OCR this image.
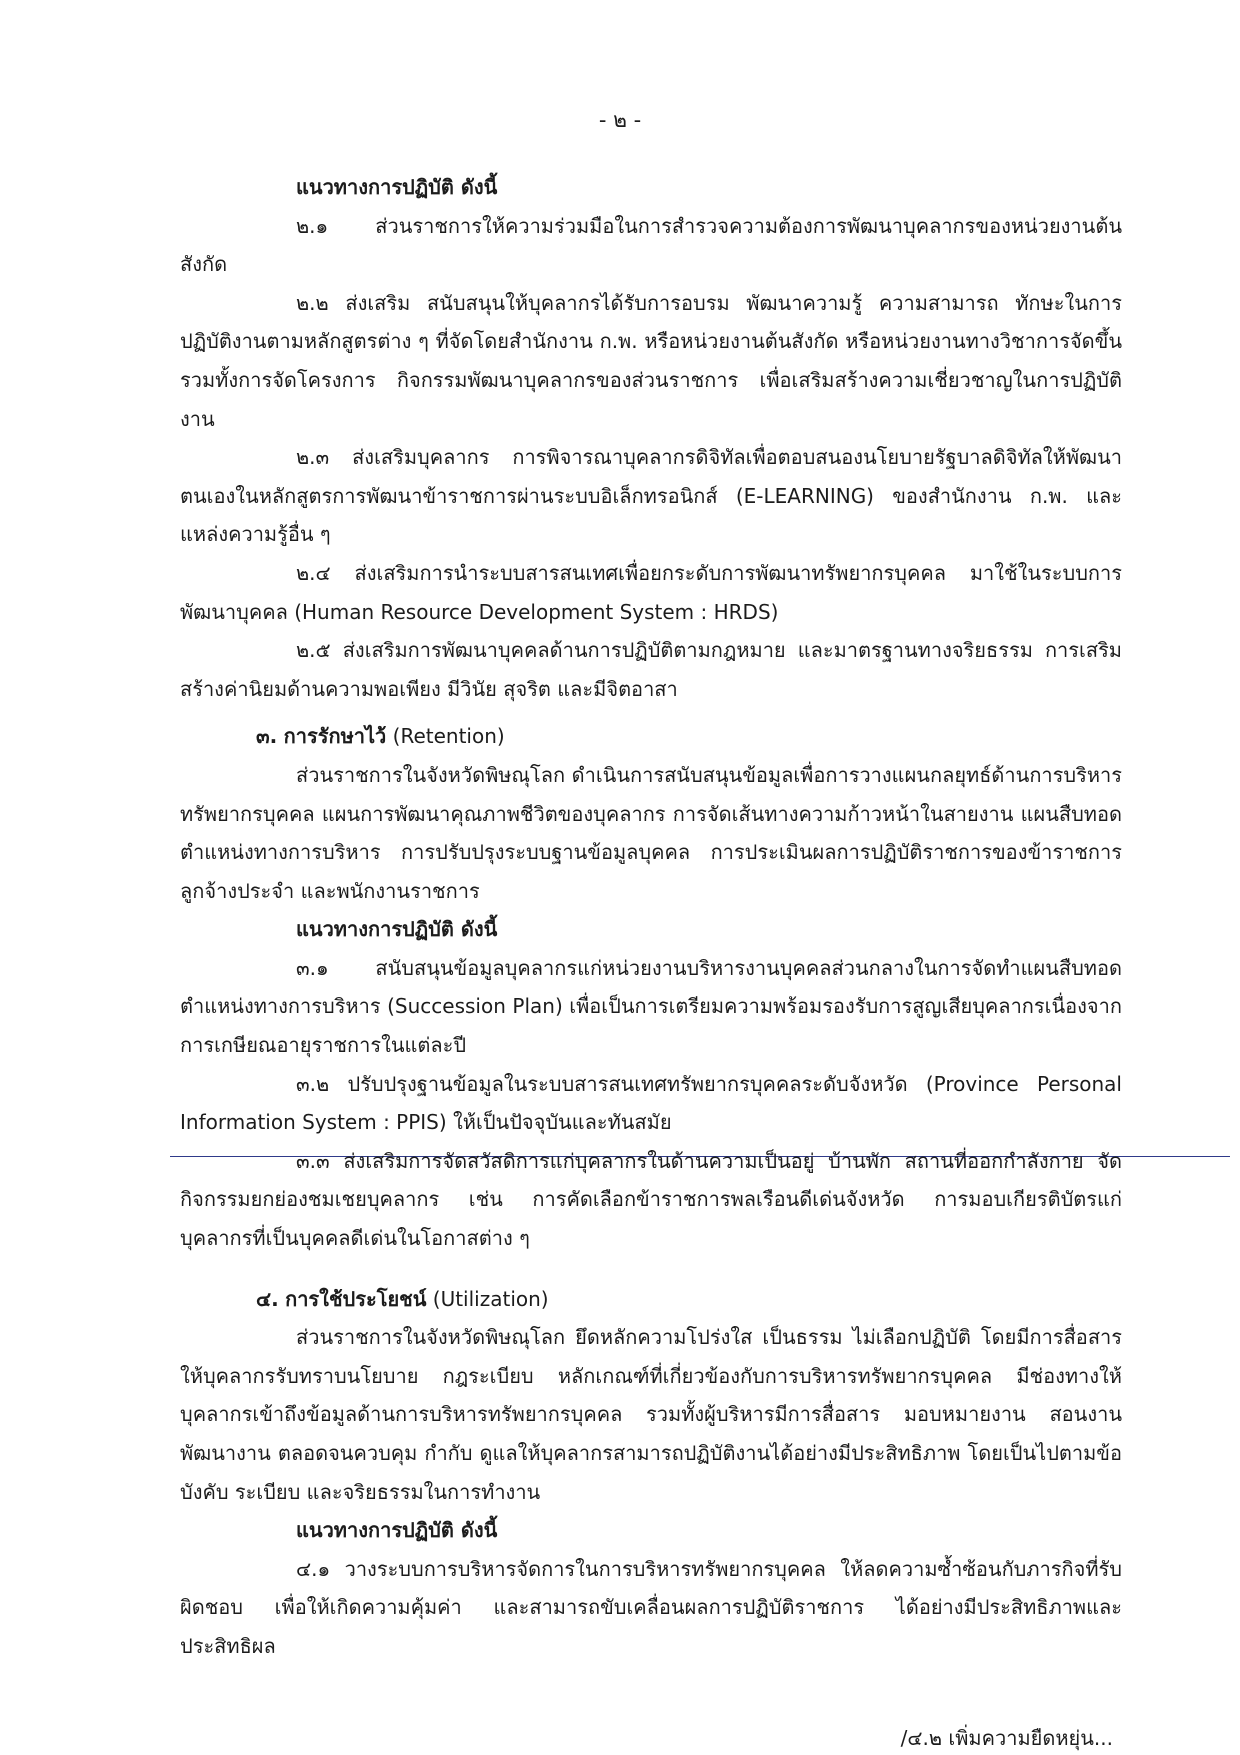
- ๒ -

แนวทางการปฏิบัติ ดังนี้

๒.๑ ส่วนราชการให้ความร่วมมือในการสำรวจความต้องการพัฒนาบุคลากรของหน่วยงานต้นสังกัด

๒.๒ ส่งเสริม สนับสนุนให้บุคลากรได้รับการอบรม พัฒนาความรู้ ความสามารถ ทักษะในการปฏิบัติงานตามหลักสูตรต่าง ๆ ที่จัดโดยสำนักงาน ก.พ. หรือหน่วยงานต้นสังกัด หรือหน่วยงานทางวิชาการจัดขึ้น รวมทั้งการจัดโครงการ กิจกรรมพัฒนาบุคลากรของส่วนราชการ เพื่อเสริมสร้างความเชี่ยวชาญในการปฏิบัติงาน

๒.๓ ส่งเสริมบุคลากร การพิจารณาบุคลากรดิจิทัลเพื่อตอบสนองนโยบายรัฐบาลดิจิทัลให้พัฒนาตนเองในหลักสูตรการพัฒนาข้าราชการผ่านระบบอิเล็กทรอนิกส์ (E-LEARNING) ของสำนักงาน ก.พ. และแหล่งความรู้อื่น ๆ

๒.๔ ส่งเสริมการนำระบบสารสนเทศเพื่อยกระดับการพัฒนาทรัพยากรบุคคล มาใช้ในระบบการพัฒนาบุคคล (Human Resource Development System : HRDS)

๒.๕ ส่งเสริมการพัฒนาบุคคลด้านการปฏิบัติตามกฎหมาย และมาตรฐานทางจริยธรรม การเสริมสร้างค่านิยมด้านความพอเพียง มีวินัย สุจริต และมีจิตอาสา

๓. การรักษาไว้ (Retention)

ส่วนราชการในจังหวัดพิษณุโลก ดำเนินการสนับสนุนข้อมูลเพื่อการวางแผนกลยุทธ์ด้านการบริหารทรัพยากรบุคคล แผนการพัฒนาคุณภาพชีวิตของบุคลากร การจัดเส้นทางความก้าวหน้าในสายงาน แผนสืบทอดตำแหน่งทางการบริหาร การปรับปรุงระบบฐานข้อมูลบุคคล การประเมินผลการปฏิบัติราชการของข้าราชการลูกจ้างประจำ และพนักงานราชการ

แนวทางการปฏิบัติ ดังนี้

๓.๑ สนับสนุนข้อมูลบุคลากรแก่หน่วยงานบริหารงานบุคคลส่วนกลางในการจัดทำแผนสืบทอดตำแหน่งทางการบริหาร (Succession Plan) เพื่อเป็นการเตรียมความพร้อมรองรับการสูญเสียบุคลากรเนื่องจากการเกษียณอายุราชการในแต่ละปี

๓.๒ ปรับปรุงฐานข้อมูลในระบบสารสนเทศทรัพยากรบุคคลระดับจังหวัด (Province Personal Information System : PPIS) ให้เป็นปัจจุบันและทันสมัย

๓.๓ ส่งเสริมการจัดสวัสดิการแก่บุคลากรในด้านความเป็นอยู่ บ้านพัก สถานที่ออกกำลังกาย จัดกิจกรรมยกย่องชมเชยบุคลากร เช่น การคัดเลือกข้าราชการพลเรือนดีเด่นจังหวัด การมอบเกียรติบัตรแก่บุคลากรที่เป็นบุคคลดีเด่นในโอกาสต่าง ๆ

๔. การใช้ประโยชน์ (Utilization)

ส่วนราชการในจังหวัดพิษณุโลก ยึดหลักความโปร่งใส เป็นธรรม ไม่เลือกปฏิบัติ โดยมีการสื่อสารให้บุคลากรรับทราบนโยบาย กฎระเบียบ หลักเกณฑ์ที่เกี่ยวข้องกับการบริหารทรัพยากรบุคคล มีช่องทางให้บุคลากรเข้าถึงข้อมูลด้านการบริหารทรัพยากรบุคคล รวมทั้งผู้บริหารมีการสื่อสาร มอบหมายงาน สอนงาน พัฒนางาน ตลอดจนควบคุม กำกับ ดูแลให้บุคลากรสามารถปฏิบัติงานได้อย่างมีประสิทธิภาพ โดยเป็นไปตามข้อบังคับ ระเบียบ และจริยธรรมในการทำงาน

แนวทางการปฏิบัติ ดังนี้

๔.๑ วางระบบการบริหารจัดการในการบริหารทรัพยากรบุคคล ให้ลดความซ้ำซ้อนกับภารกิจที่รับผิดชอบ เพื่อให้เกิดความคุ้มค่า และสามารถขับเคลื่อนผลการปฏิบัติราชการ ได้อย่างมีประสิทธิภาพและประสิทธิผล

/๔.๒ เพิ่มความยืดหยุ่น...
